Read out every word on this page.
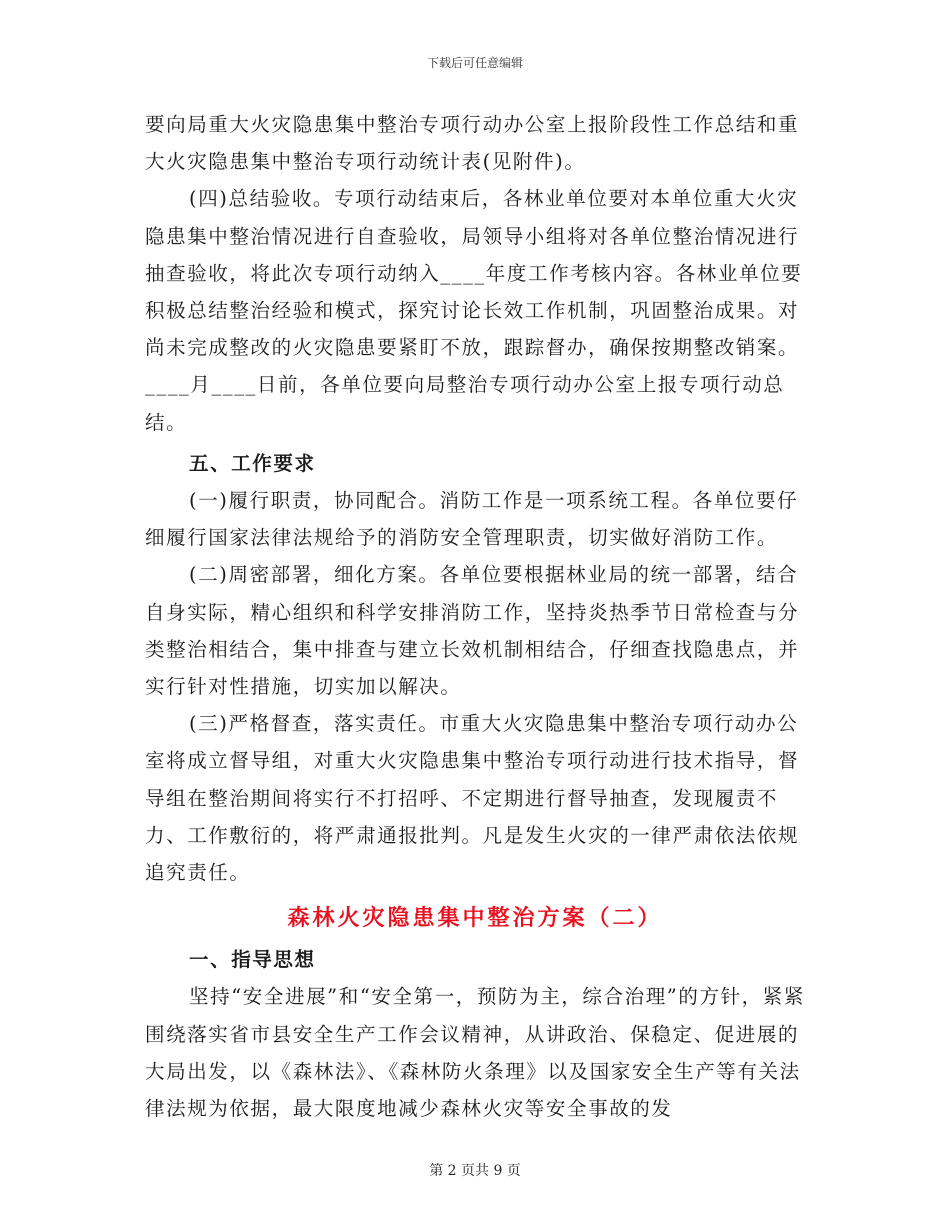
下载后可任意编辑

要向局重大火灾隐患集中整治专项行动办公室上报阶段性工作总结和重大火灾隐患集中整治专项行动统计表(见附件)。

(四)总结验收。专项行动结束后，各林业单位要对本单位重大火灾隐患集中整治情况进行自查验收，局领导小组将对各单位整治情况进行抽查验收，将此次专项行动纳入____年度工作考核内容。各林业单位要积极总结整治经验和模式，探究讨论长效工作机制，巩固整治成果。对尚未完成整改的火灾隐患要紧盯不放，跟踪督办，确保按期整改销案。____月____日前，各单位要向局整治专项行动办公室上报专项行动总结。

五、工作要求

(一)履行职责，协同配合。消防工作是一项系统工程。各单位要仔细履行国家法律法规给予的消防安全管理职责，切实做好消防工作。

(二)周密部署，细化方案。各单位要根据林业局的统一部署，结合自身实际，精心组织和科学安排消防工作，坚持炎热季节日常检查与分类整治相结合，集中排查与建立长效机制相结合，仔细查找隐患点，并实行针对性措施，切实加以解决。

(三)严格督查，落实责任。市重大火灾隐患集中整治专项行动办公室将成立督导组，对重大火灾隐患集中整治专项行动进行技术指导，督导组在整治期间将实行不打招呼、不定期进行督导抽查，发现履责不力、工作敷衍的，将严肃通报批判。凡是发生火灾的一律严肃依法依规追究责任。

森林火灾隐患集中整治方案（二）
一、指导思想

坚持“安全进展”和“安全第一，预防为主，综合治理”的方针，紧紧围绕落实省市县安全生产工作会议精神，从讲政治、保稳定、促进展的大局出发，以《森林法》、《森林防火条理》以及国家安全生产等有关法律法规为依据，最大限度地减少森林火灾等安全事故的发

第 2 页共 9 页
